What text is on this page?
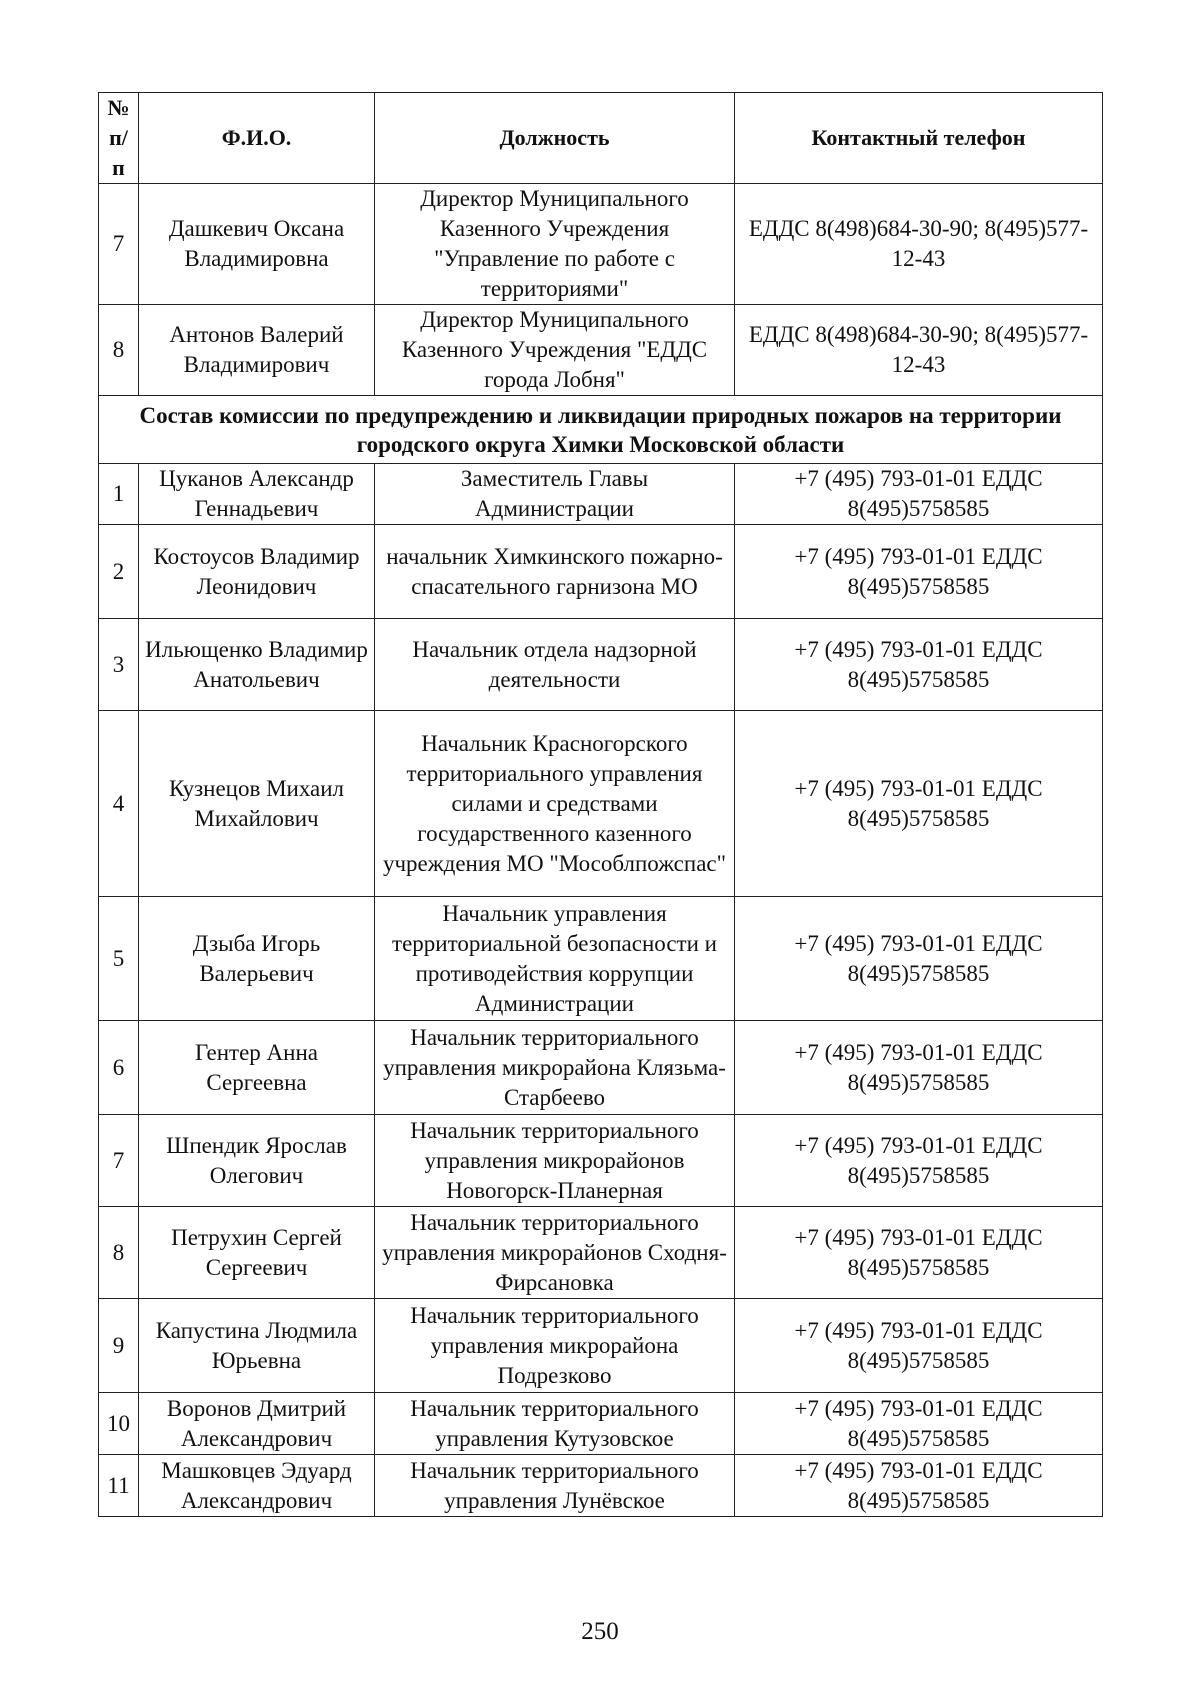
№ п/ п	Ф.И.О.	Должность	Контактный телефон
7	Дашкевич Оксана Владимировна	Директор Муниципального Казенного Учреждения "Управление по работе с территориями"	ЕДДС 8(498)684-30-90; 8(495)577-12-43
8	Антонов Валерий Владимирович	Директор Муниципального Казенного Учреждения "ЕДДС города Лобня"	ЕДДС 8(498)684-30-90; 8(495)577-12-43
Состав комиссии по предупреждению и ликвидации природных пожаров на территории городского округа Химки Московской области			
1	Цуканов Александр Геннадьевич	Заместитель Главы Администрации	+7 (495) 793-01-01 ЕДДС 8(495)5758585
2	Костоусов Владимир Леонидович	начальник Химкинского пожарно-спасательного гарнизона МО	+7 (495) 793-01-01 ЕДДС 8(495)5758585
3	Ильющенко Владимир Анатольевич	Начальник отдела надзорной деятельности	+7 (495) 793-01-01 ЕДДС 8(495)5758585
4	Кузнецов Михаил Михайлович	Начальник Красногорского территориального управления силами и средствами государственного казенного учреждения МО "Мособлпожспас"	+7 (495) 793-01-01 ЕДДС 8(495)5758585
5	Дзыба Игорь Валерьевич	Начальник управления территориальной безопасности и противодействия коррупции Администрации	+7 (495) 793-01-01 ЕДДС 8(495)5758585
6	Гентер Анна Сергеевна	Начальник территориального управления микрорайона Клязьма-Старбеево	+7 (495) 793-01-01 ЕДДС 8(495)5758585
7	Шпендик Ярослав Олегович	Начальник территориального управления микрорайонов Новогорск-Планерная	+7 (495) 793-01-01 ЕДДС 8(495)5758585
8	Петрухин Сергей Сергеевич	Начальник территориального управления микрорайонов Сходня-Фирсановка	+7 (495) 793-01-01 ЕДДС 8(495)5758585
9	Капустина Людмила Юрьевна	Начальник территориального управления микрорайона Подрезково	+7 (495) 793-01-01 ЕДДС 8(495)5758585
10	Воронов Дмитрий Александрович	Начальник территориального управления Кутузовское	+7 (495) 793-01-01 ЕДДС 8(495)5758585
11	Машковцев Эдуард Александрович	Начальник территориального управления Лунёвское	+7 (495) 793-01-01 ЕДДС 8(495)5758585
250
